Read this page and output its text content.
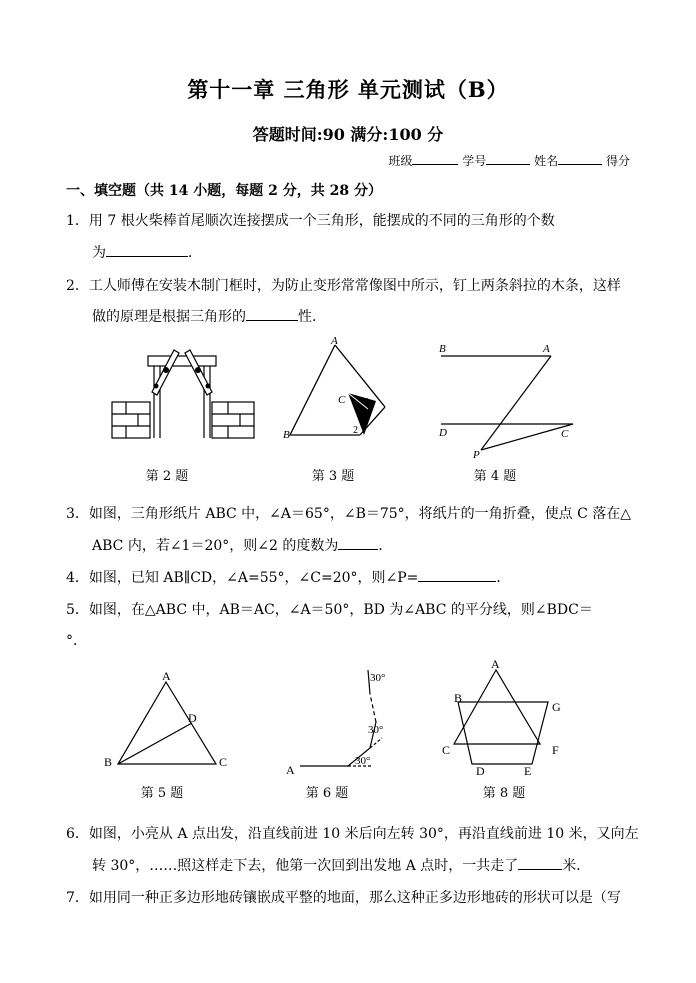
第十一章 三角形 单元测试（B）
答题时间:90 满分:100 分
班级	学号	姓名	得分
一、填空题（共 14 小题，每题 2 分，共 28 分）
1．用 7 根火柴棒首尾顺次连接摆成一个三角形，能摆成的不同的三角形的个数
为	．
2．工人师傅在安装木制门框时，为防止变形常常像图中所示，钉上两条斜拉的木条，这样
做的原理是根据三角形的	性．
A
B
C 1
2
B	A
D	C
P
第 2 题	第 3 题	第 4 题
3．如图，三角形纸片 ABC 中，∠A＝65°，∠B＝75°，将纸片的一角折叠，使点 C 落在△
ABC 内，若∠1＝20°，则∠2 的度数为	．
4．如图，已知 AB∥CD，∠A=55°，∠C=20°，则∠P=	．
5．如图，在△ABC 中，AB＝AC，∠A＝50°，BD 为∠ABC 的平分线，则∠BDC＝
°．
A
B	C
D
A
30°
30°
30°
A
B
G
C	F
D	E
第 5 题	第 6 题	第 8 题
6．如图，小亮从 A 点出发，沿直线前进 10 米后向左转 30°，再沿直线前进 10 米，又向左
转 30°，……照这样走下去，他第一次回到出发地 A 点时，一共走了	米．
7．如用同一种正多边形地砖镶嵌成平整的地面，那么这种正多边形地砖的形状可以是（写
